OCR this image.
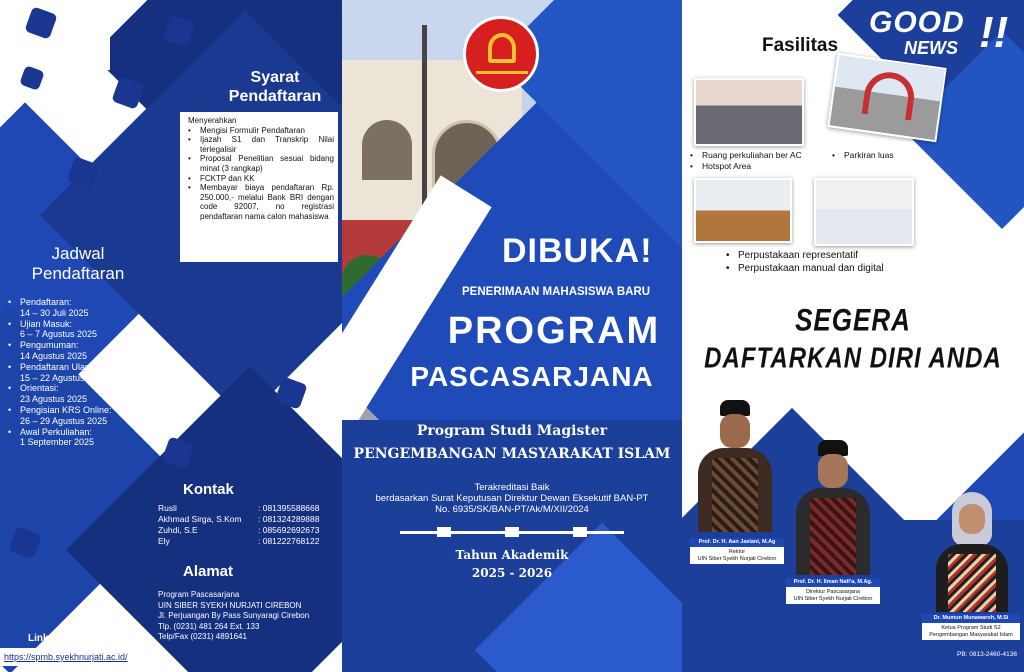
Syarat
Pendaftaran
Menyerahkan
• Mengisi Formulir Pendaftaran
• Ijazah S1 dan Transkrip Nilai terlegalisir
• Proposal Penelitian sesuai bidang minat (3 rangkap)
• FCKTP dan KK
• Membayar biaya pendaftaran Rp. 250.000,- melalui Bank BRI dengan code 92007, no registrasi pendaftaran nama calon mahasiswa
Jadwal
Pendaftaran
• Pendaftaran:
14 – 30 Juli 2025
• Ujian Masuk:
6 – 7 Agustus 2025
• Pengumuman:
14 Agustus 2025
• Pendaftaran Ulang & Pembayaran UKT:
15 – 22 Agustus
• Orientasi:
23 Agustus 2025
• Pengisian KRS Online:
26 – 29 Agustus 2025
• Awal Perkuliahan:
1 September 2025
Kontak
Rusli	: 081395588668
Akhmad Sirga, S.Kom	: 081324289888
Zuhdi, S.E	: 085692692673
Ely	: 081222768122
Alamat
Program Pascasarjana
UIN SIBER SYEKH NURJATI CIREBON
Jl. Perjuangan By Pass Sunyaragi Cirebon
Tlp. (0231) 481 264 Ext. 133
Telp/Fax (0231) 4891641
Link Pendaftaran
https://spmb.syekhnurjati.ac.id/
DIBUKA!
PENERIMAAN MAHASISWA BARU
PROGRAM
PASCASARJANA
Program Studi Magister
PENGEMBANGAN MASYARAKAT ISLAM
Terakreditasi Baik
berdasarkan Surat Keputusan Direktur Dewan Eksekutif BAN-PT
No. 6935/SK/BAN-PT/Ak/M/XII/2024
Tahun Akademik
2025 - 2026
GOOD
NEWS !!
Fasilitas
• Ruang perkuliahan ber AC
• Hotspot Area
• Parkiran luas
• Perpustakaan representatif
• Perpustakaan manual dan digital
SEGERA
DAFTARKAN DIRI ANDA
Prof. Dr. H. Aan Jaelani, M.Ag
Rektor
UIN Siber Syekh Nurjati Cirebon
Prof. Dr. H. Ilman Nafi'a, M.Ag.
Direktur Pascasarjana
UIN Siber Syekh Nurjati Cirebon
Dr. Mumun Munawaroh, M.Si
Ketua Program Studi S2
Pengembangan Masyarakat Islam
PB: 0813-2460-4136
